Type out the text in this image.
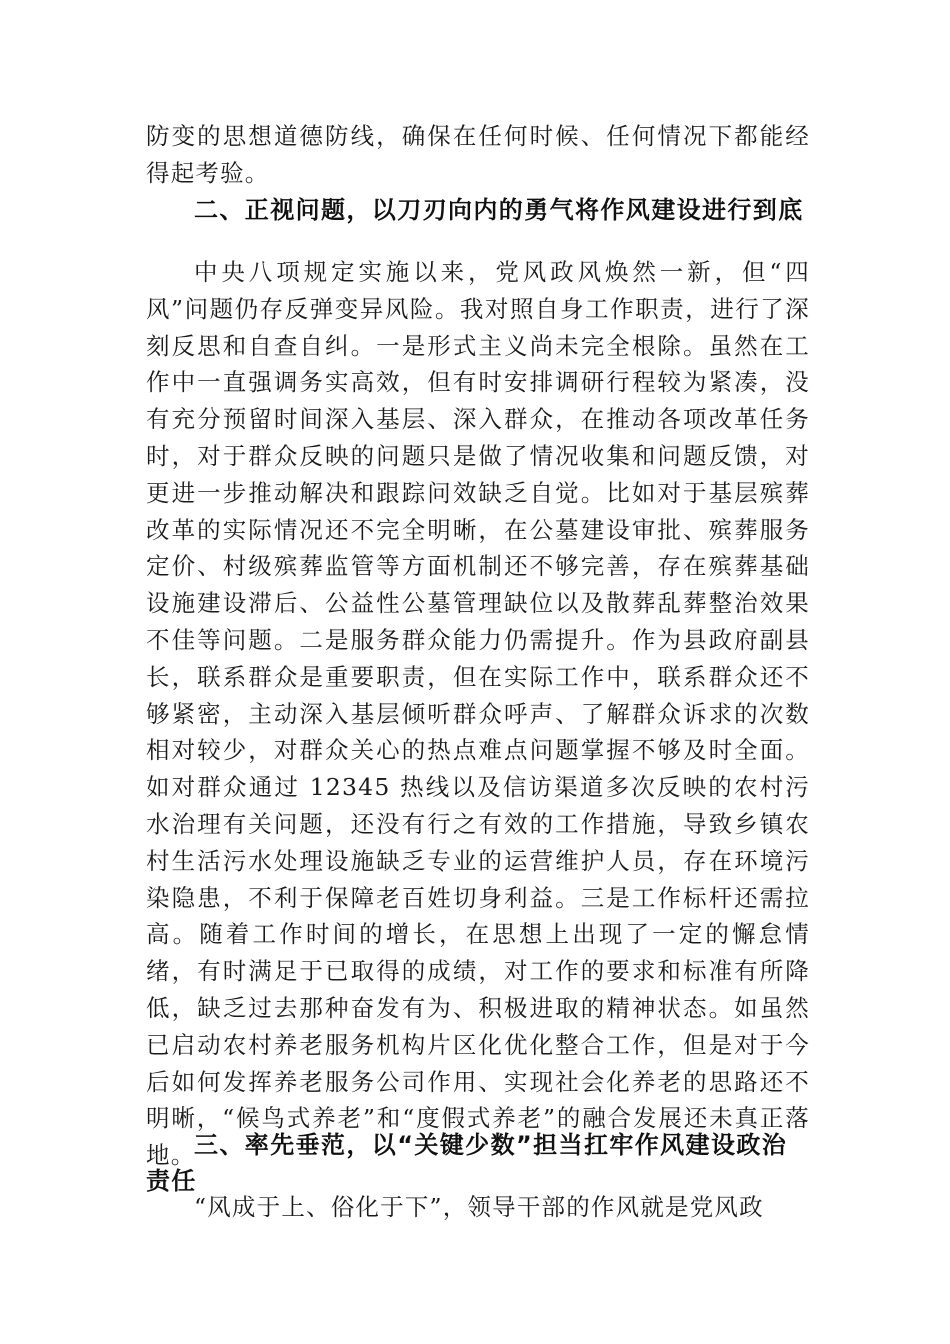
防变的思想道德防线，确保在任何时候、任何情况下都能经得起考验。

二、正视问题，以刀刃向内的勇气将作风建设进行到底

中央八项规定实施以来，党风政风焕然一新，但“四风”问题仍存反弹变异风险。我对照自身工作职责，进行了深刻反思和自查自纠。一是形式主义尚未完全根除。虽然在工作中一直强调务实高效，但有时安排调研行程较为紧凑，没有充分预留时间深入基层、深入群众，在推动各项改革任务时，对于群众反映的问题只是做了情况收集和问题反馈，对更进一步推动解决和跟踪问效缺乏自觉。比如对于基层殡葬改革的实际情况还不完全明晰，在公墓建设审批、殡葬服务定价、村级殡葬监管等方面机制还不够完善，存在殡葬基础设施建设滞后、公益性公墓管理缺位以及散葬乱葬整治效果不佳等问题。二是服务群众能力仍需提升。作为县政府副县长，联系群众是重要职责，但在实际工作中，联系群众还不够紧密，主动深入基层倾听群众呼声、了解群众诉求的次数相对较少，对群众关心的热点难点问题掌握不够及时全面。如对群众通过 12345 热线以及信访渠道多次反映的农村污水治理有关问题，还没有行之有效的工作措施，导致乡镇农村生活污水处理设施缺乏专业的运营维护人员，存在环境污染隐患，不利于保障老百姓切身利益。三是工作标杆还需拉高。随着工作时间的增长，在思想上出现了一定的懈怠情绪，有时满足于已取得的成绩，对工作的要求和标准有所降低，缺乏过去那种奋发有为、积极进取的精神状态。如虽然已启动农村养老服务机构片区化优化整合工作，但是对于今后如何发挥养老服务公司作用、实现社会化养老的思路还不明晰，“候鸟式养老”和“度假式养老”的融合发展还未真正落地。

三、率先垂范，以“关键少数”担当扛牢作风建设政治责任

“风成于上、俗化于下”，领导干部的作风就是党风政
